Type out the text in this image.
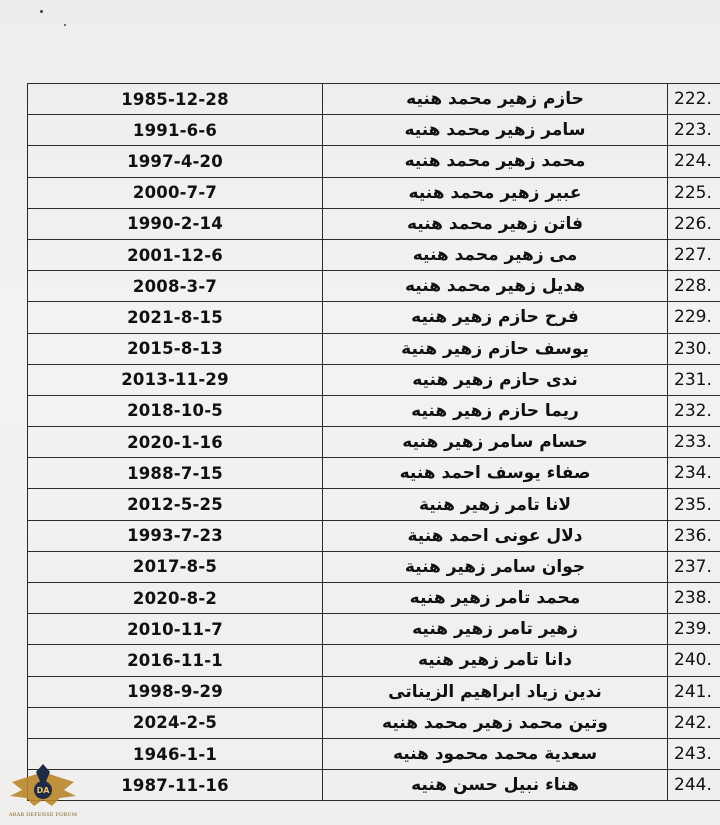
1985-12-28	حازم زهير محمد هنيه	222.
1991-6-6	سامر زهير محمد هنيه	223.
1997-4-20	محمد زهير محمد هنيه	224.
2000-7-7	عبير زهير محمد هنيه	225.
1990-2-14	فاتن زهير محمد هنيه	226.
2001-12-6	مى زهير محمد هنيه	227.
2008-3-7	هديل زهير محمد هنيه	228.
2021-8-15	فرح حازم زهير هنيه	229.
2015-8-13	يوسف حازم زهير هنية	230.
2013-11-29	ندى حازم زهير هنيه	231.
2018-10-5	ريما حازم زهير هنيه	232.
2020-1-16	حسام سامر زهير هنيه	233.
1988-7-15	صفاء يوسف احمد هنيه	234.
2012-5-25	لانا تامر زهير هنية	235.
1993-7-23	دلال عونى احمد هنية	236.
2017-8-5	جوان سامر زهير هنية	237.
2020-8-2	محمد تامر زهير هنيه	238.
2010-11-7	زهير تامر زهير هنيه	239.
2016-11-1	دانا تامر زهير هنيه	240.
1998-9-29	ندين زياد ابراهيم الزيناتى	241.
2024-2-5	وتين محمد زهير محمد هنيه	242.
1946-1-1	سعدية محمد محمود هنيه	243.
1987-11-16	هناء نبيل حسن هنيه	244.
DA
ARAB DEFENSE FORUM
